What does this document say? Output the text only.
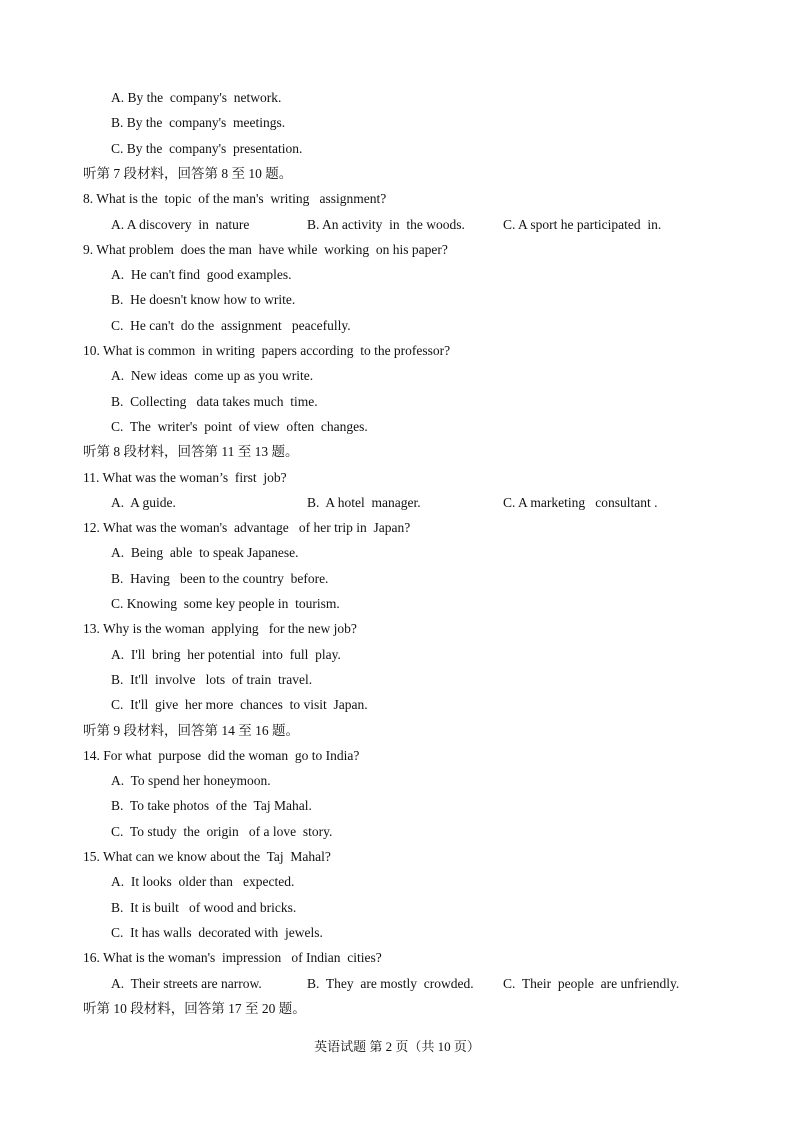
A. By the  company's  network.
B. By the  company's  meetings.
C. By the  company's  presentation.
听第 7 段材料，回答第 8 至 10 题。
8. What is the  topic  of the man's  writing   assignment?
A. A discovery  in  nature	B. An activity  in  the woods.	C. A sport he participated  in.
9. What problem  does the man  have while  working  on his paper?
A.  He can't find  good examples.
B.  He doesn't know how to write.
C.  He can't  do the  assignment   peacefully.
10. What is common  in writing  papers according  to the professor?
A.  New ideas  come up as you write.
B.  Collecting   data takes much  time.
C.  The  writer's  point  of view  often  changes.
听第 8 段材料，回答第 11 至 13 题。
11. What was the woman’s  first  job?
A.  A guide.	B.  A hotel  manager.	C. A marketing   consultant .
12. What was the woman's  advantage   of her trip in  Japan?
A.  Being  able  to speak Japanese.
B.  Having   been to the country  before.
C. Knowing  some key people in  tourism.
13. Why is the woman  applying   for the new job?
A.  I'll  bring  her potential  into  full  play.
B.  It'll  involve   lots  of train  travel.
C.  It'll  give  her more  chances  to visit  Japan.
听第 9 段材料，回答第 14 至 16 题。
14. For what  purpose  did the woman  go to India?
A.  To spend her honeymoon.
B.  To take photos  of the  Taj Mahal.
C.  To study  the  origin   of a love  story.
15. What can we know about the  Taj  Mahal?
A.  It looks  older than   expected.
B.  It is built   of wood and bricks.
C.  It has walls  decorated with  jewels.
16. What is the woman's  impression   of Indian  cities?
A.  Their streets are narrow.	B.  They  are mostly  crowded. C.  Their  people  are unfriendly.
听第 10 段材料，回答第 17 至 20 题。
英语试题 第 2 页（共 10 页）
